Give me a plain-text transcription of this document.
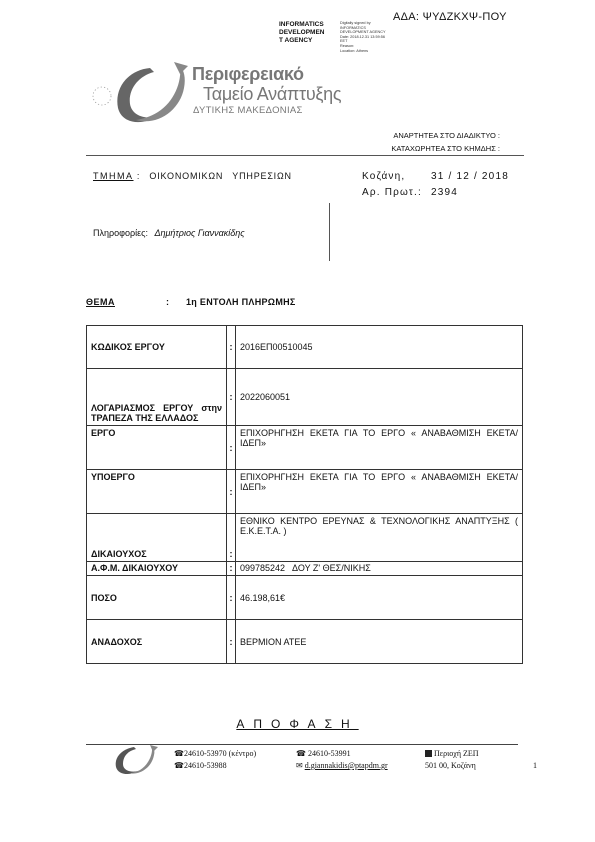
ΑΔΑ: ΨΥΔΖΚΧΨ-ΠΟΥ
INFORMATICS
DEVELOPMEN
T AGENCY
Digitally signed by
INFORMATICS
DEVELOPMENT AGENCY
Date: 2018.12.31 13:59:56
EET
Reason:
Location: Athens
Περιφερειακό
Ταμείο Ανάπτυξης
ΔΥΤΙΚΗΣ ΜΑΚΕΔΟΝΙΑΣ
ΑΝΑΡΤΗΤΕΑ ΣΤΟ ΔΙΑΔΙΚΤΥΟ :
ΚΑΤΑΧΩΡΗΤΕΑ ΣΤΟ ΚΗΜΔΗΣ :
ΤΜΗΜΑ : ΟΙΚΟΝΟΜΙΚΩΝ ΥΠΗΡΕΣΙΩΝ	Κοζάνη,	31 / 12 / 2018
Αρ. Πρωτ.: 2394
Πληροφορίες: Δημήτριος Γιαννακίδης
ΘΕΜΑ	: 1η ΕΝΤΟΛΗ ΠΛΗΡΩΜΗΣ
ΚΩΔΙΚΟΣ ΕΡΓΟΥ	:	2016ΕΠ00510045
ΛΟΓΑΡΙΑΣΜΟΣ ΕΡΓΟΥ στην ΤΡΑΠΕΖΑ ΤΗΣ ΕΛΛΑΔΟΣ	:	2022060051
ΕΡΓΟ	:	ΕΠΙΧΟΡΗΓΗΣΗ ΕΚΕΤΑ ΓΙΑ ΤΟ ΕΡΓΟ « ΑΝΑΒΑΘΜΙΣΗ ΕΚΕΤΑ/ΙΔΕΠ»
ΥΠΟΕΡΓΟ	:	ΕΠΙΧΟΡΗΓΗΣΗ ΕΚΕΤΑ ΓΙΑ ΤΟ ΕΡΓΟ « ΑΝΑΒΑΘΜΙΣΗ ΕΚΕΤΑ/ΙΔΕΠ»
ΔΙΚΑΙΟΥΧΟΣ	:	ΕΘΝΙΚΟ ΚΕΝΤΡΟ ΕΡΕΥΝΑΣ & ΤΕΧΝΟΛΟΓΙΚΗΣ ΑΝΑΠΤΥΞΗΣ ( Ε.Κ.Ε.Τ.Α. )
Α.Φ.Μ. ΔΙΚΑΙΟΥΧΟΥ	:	099785242   ΔΟΥ Ζ' ΘΕΣ/ΝΙΚΗΣ
ΠΟΣΟ	:	46.198,61€
ΑΝΑΔΟΧΟΣ	:	ΒΕΡΜΙΟΝ ΑΤΕΕ
ΑΠΟΦΑΣΗ
☎24610-53970 (κέντρο)
☎24610-53988
☎ 24610-53991
✉ d.giannakidis@ptapdm.gr
Περιοχή ΖΕΠ
501 00, Κοζάνη	1
